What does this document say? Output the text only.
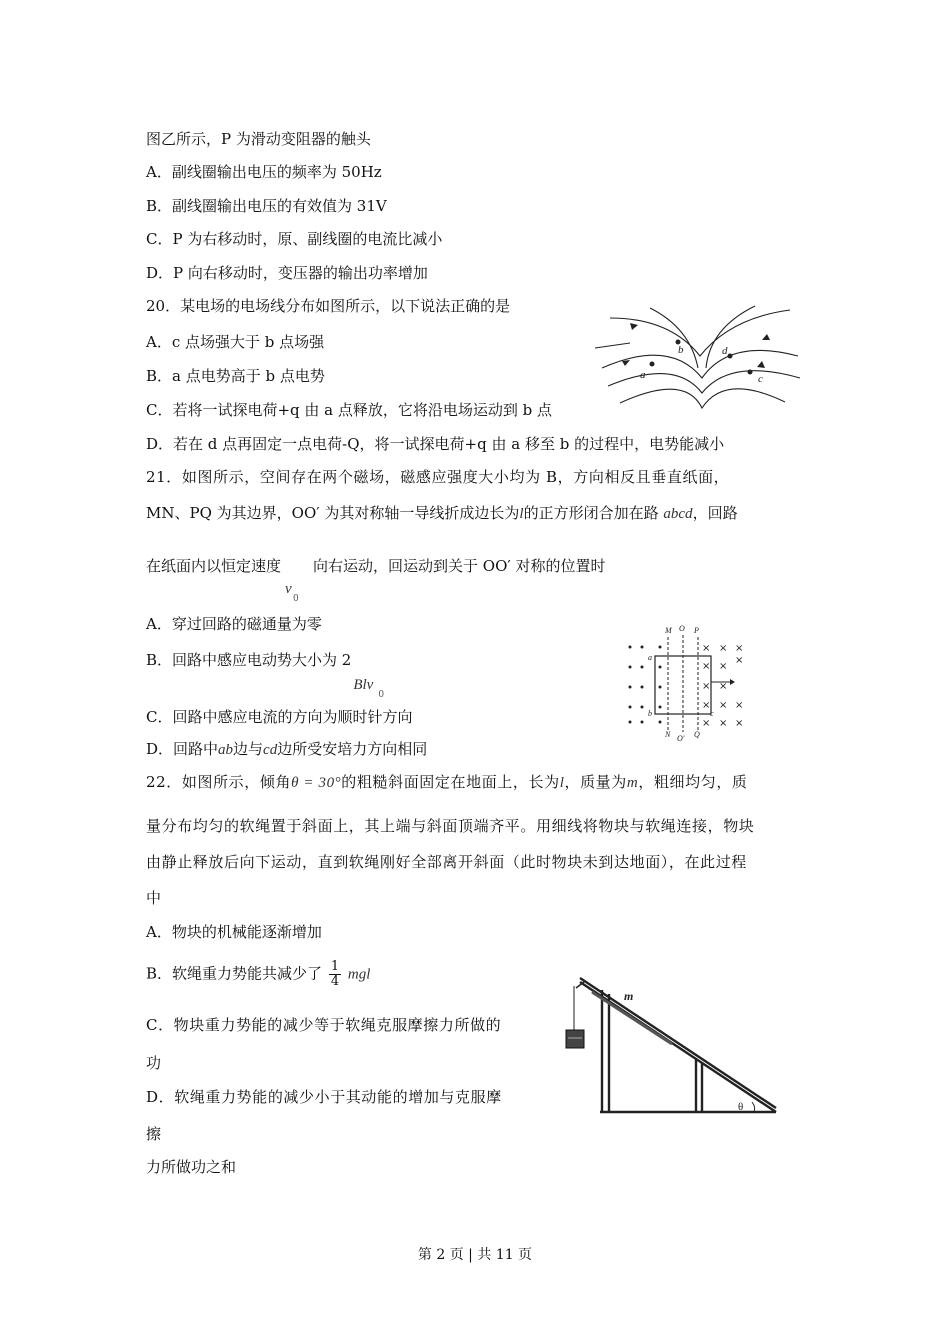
图乙所示，P 为滑动变阻器的触头
A．副线圈输出电压的频率为 50Hz
B．副线圈输出电压的有效值为 31V
C．P 为右移动时，原、副线圈的电流比减小
D．P 向右移动时，变压器的输出功率增加
20．某电场的电场线分布如图所示，以下说法正确的是
A．c 点场强大于 b 点场强
B．a 点电势高于 b 点电势
C．若将一试探电荷+q 由 a 点释放，它将沿电场运动到 b 点
D．若在 d 点再固定一点电荷-Q，将一试探电荷+q 由 a 移至 b 的过程中，电势能减小
21．如图所示，空间存在两个磁场，磁感应强度大小均为 B，方向相反且垂直纸面，
MN、PQ 为其边界，OO′ 为其对称轴一导线折成边长为l的正方形闭合加在路 abcd，回路
在纸面内以恒定速度
v
0
向右运动，回运动到关于 OO′ 对称的位置时
A．穿过回路的磁通量为零
B．回路中感应电动势大小为 2
Blv
0
C．回路中感应电流的方向为顺时针方向
D．回路中ab边与cd边所受安培力方向相同
22．如图所示，倾角θ = 30°的粗糙斜面固定在地面上，长为l，质量为m，粗细均匀，质
量分布均匀的软绳置于斜面上，其上端与斜面顶端齐平。用细线将物块与软绳连接，物块
由静止释放后向下运动，直到软绳刚好全部离开斜面（此时物块未到达地面），在此过程
中
A．物块的机械能逐渐增加
B．软绳重力势能共减少了 $\frac{1}{4}$ mgl
C．物块重力势能的减少等于软绳克服摩擦力所做的
功
D．软绳重力势能的减少小于其动能的增加与克服摩
擦
力所做功之和
a
b
c
d
M O P
N O′ Q
a
b	c
× × ×
× ×
×
× ×
× × ×
× × ×
m
θ
第 2 页 | 共 11 页
